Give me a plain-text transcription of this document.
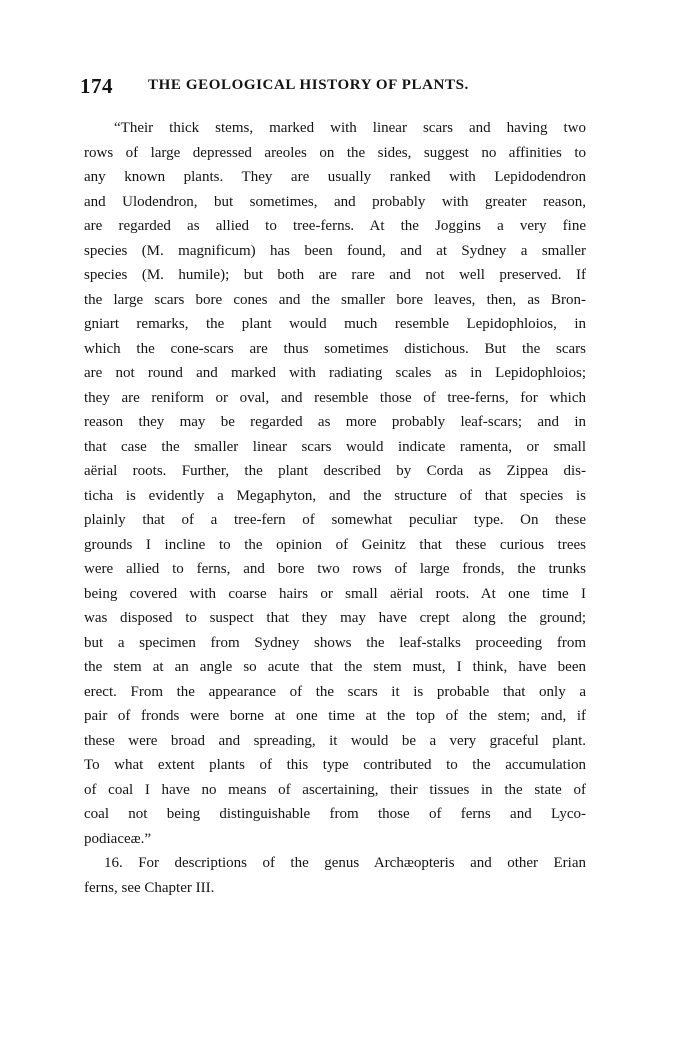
174 THE GEOLOGICAL HISTORY OF PLANTS.
“Their thick stems, marked with linear scars and having two
rows of large depressed areoles on the sides, suggest no affinities to
any known plants. They are usually ranked with Lepidodendron
and Ulodendron, but sometimes, and probably with greater reason,
are regarded as allied to tree-ferns. At the Joggins a very fine
species (M. magnificum) has been found, and at Sydney a smaller
species (M. humile); but both are rare and not well preserved. If
the large scars bore cones and the smaller bore leaves, then, as Bron-
gniart remarks, the plant would much resemble Lepidophloios, in
which the cone-scars are thus sometimes distichous. But the scars
are not round and marked with radiating scales as in Lepidophloios;
they are reniform or oval, and resemble those of tree-ferns, for which
reason they may be regarded as more probably leaf-scars; and in
that case the smaller linear scars would indicate ramenta, or small
aërial roots. Further, the plant described by Corda as Zippea dis-
ticha is evidently a Megaphyton, and the structure of that species is
plainly that of a tree-fern of somewhat peculiar type. On these
grounds I incline to the opinion of Geinitz that these curious trees
were allied to ferns, and bore two rows of large fronds, the trunks
being covered with coarse hairs or small aërial roots. At one time I
was disposed to suspect that they may have crept along the ground;
but a specimen from Sydney shows the leaf-stalks proceeding from
the stem at an angle so acute that the stem must, I think, have been
erect. From the appearance of the scars it is probable that only a
pair of fronds were borne at one time at the top of the stem; and, if
these were broad and spreading, it would be a very graceful plant.
To what extent plants of this type contributed to the accumulation
of coal I have no means of ascertaining, their tissues in the state of
coal not being distinguishable from those of ferns and Lyco-
podiaceæ.”
16. For descriptions of the genus Archæopteris and other Erian
ferns, see Chapter III.
